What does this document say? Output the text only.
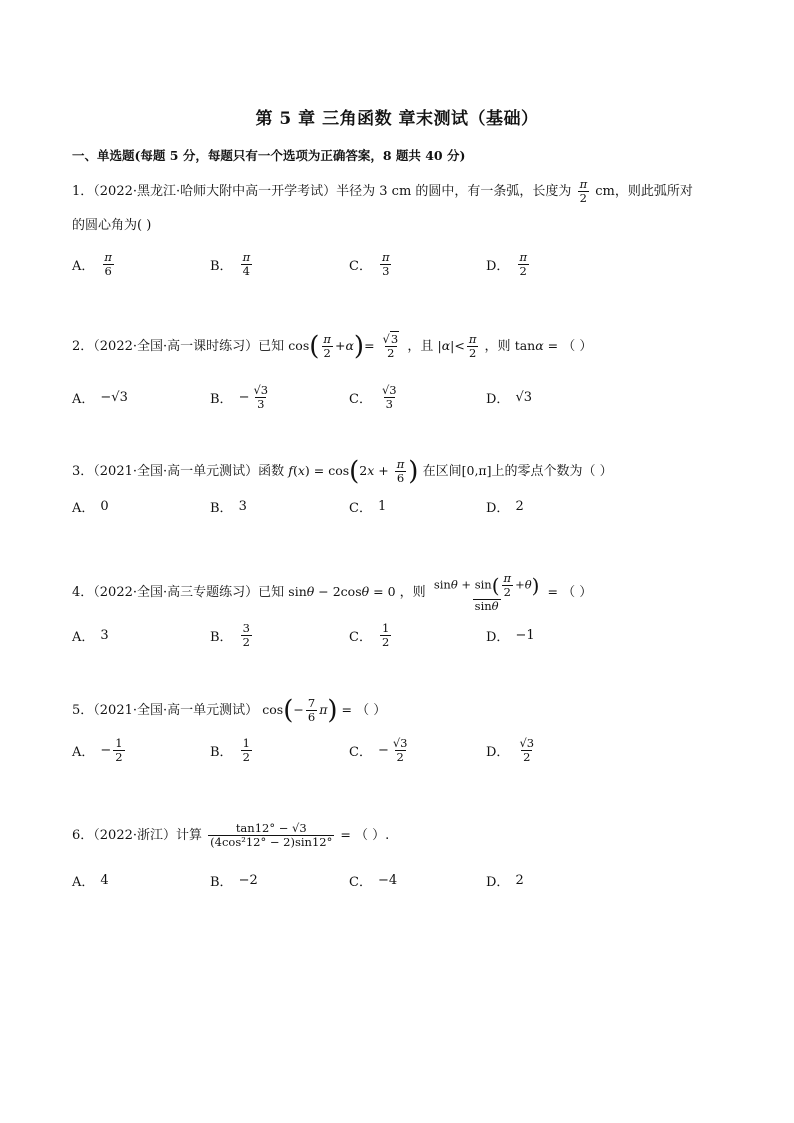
第 5 章 三角函数 章末测试（基础）
一、单选题(每题 5 分，每题只有一个选项为正确答案，8 题共 40 分)
1．（2022·黑龙江·哈师大附中高一开学考试）半径为 3 cm 的圆中，有一条弧，长度为 $\frac{\pi}{2}$ cm，则此弧所对
的圆心角为( )
A． $\frac{\pi}{6}$	B． $\frac{\pi}{4}$	C． $\frac{\pi}{3}$	D． $\frac{\pi}{2}$
2．（2022·全国·高一课时练习）已知 $\cos( \frac{\pi}{2} +\alpha)= \frac{√3}{2}$ ，且 $|\alpha|< \frac{\pi}{2}$ ，则 tanα = （ ）
A． −√3	B． − $\frac{√3}{3}$	C． $\frac{√3}{3}$	D． √3
3．（2021·全国·高一单元测试）函数 $f(x) = \cos(2x + \frac{\pi}{6}$ ) 在区间[0,π]上的零点个数为（ ）
A． 0	B． 3	C． 1	D． 2
4．（2022·全国·高三专题练习）已知 sinθ − 2cosθ = 0 ，则 $\frac{\sin\theta + \sin( \frac{\pi}{2} +\theta)}{\sin\theta}$ = （ ）
A． 3	B． $\frac{3}{2}$	C． $\frac{1}{2}$	D． −1
5．（2021·全国·高一单元测试） $\cos(- \frac{7}{6} \pi)$ = （ ）
A． − $\frac{1}{2}$	B． $\frac{1}{2}$	C． − $\frac{√3}{2}$	D． $\frac{√3}{2}$
6．（2022·浙江）计算 $\frac{\tan 12^\circ - √3}{\text{(4cos²12° − 2)sin12°}}$ = （ ）.
A． 4	B． −2	C． −4	D． 2
